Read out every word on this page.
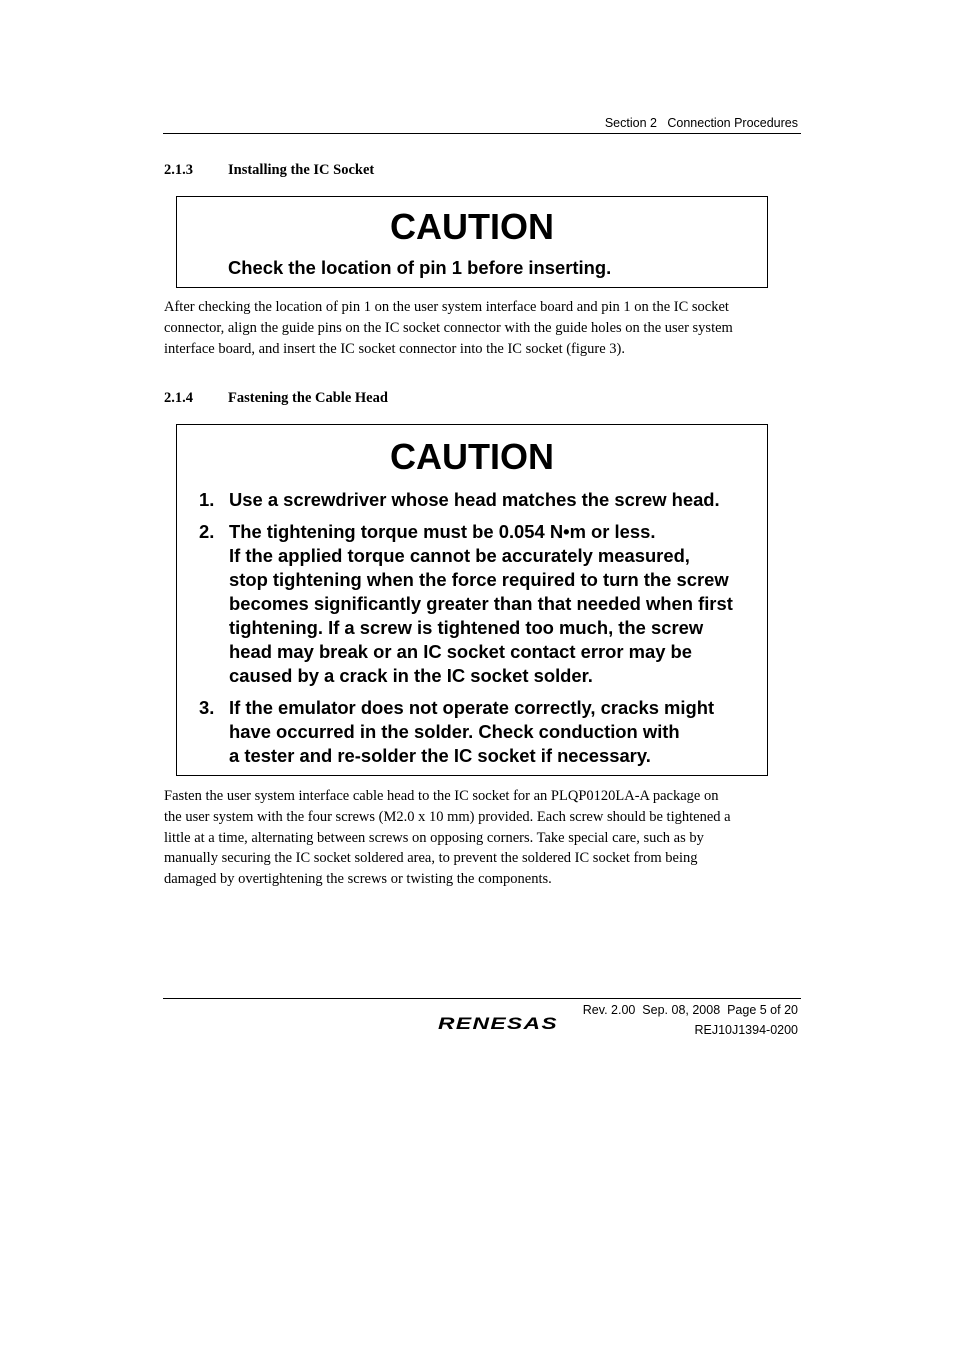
Section 2   Connection Procedures
2.1.3 Installing the IC Socket
CAUTION
Check the location of pin 1 before inserting.
After checking the location of pin 1 on the user system interface board and pin 1 on the IC socket
connector, align the guide pins on the IC socket connector with the guide holes on the user system
interface board, and insert the IC socket connector into the IC socket (figure 3).
2.1.4 Fastening the Cable Head
CAUTION
1. Use a screwdriver whose head matches the screw head.
2. The tightening torque must be 0.054 N•m or less.
If the applied torque cannot be accurately measured,
stop tightening when the force required to turn the screw
becomes significantly greater than that needed when first
tightening. If a screw is tightened too much, the screw
head may break or an IC socket contact error may be
caused by a crack in the IC socket solder.
3. If the emulator does not operate correctly, cracks might
have occurred in the solder. Check conduction with
a tester and re-solder the IC socket if necessary.
Fasten the user system interface cable head to the IC socket for an PLQP0120LA-A package on
the user system with the four screws (M2.0 x 10 mm) provided. Each screw should be tightened a
little at a time, alternating between screws on opposing corners. Take special care, such as by
manually securing the IC socket soldered area, to prevent the soldered IC socket from being
damaged by overtightening the screws or twisting the components.
RENESAS
Rev. 2.00  Sep. 08, 2008  Page 5 of 20
REJ10J1394-0200
